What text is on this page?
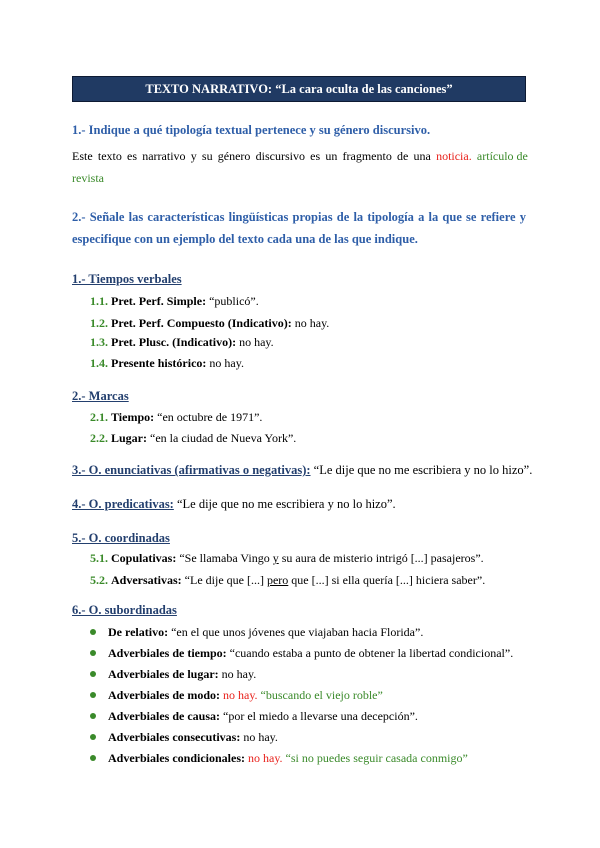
TEXTO NARRATIVO: “La cara oculta de las canciones”
1.- Indique a qué tipología textual pertenece y su género discursivo.
Este texto es narrativo y su género discursivo es un fragmento de una noticia. artículo de
revista
2.- Señale las características lingüísticas propias de la tipología a la que se refiere y especifique con un ejemplo del texto cada una de las que indique.
1.- Tiempos verbales
1.1. Pret. Perf. Simple: “publicó”.
1.2. Pret. Perf. Compuesto (Indicativo): no hay.
1.3. Pret. Plusc. (Indicativo): no hay.
1.4. Presente histórico: no hay.
2.- Marcas
2.1. Tiempo: “en octubre de 1971”.
2.2. Lugar: “en la ciudad de Nueva York”.
3.- O. enunciativas (afirmativas o negativas): “Le dije que no me escribiera y no lo hizo”.
4.- O. predicativas: “Le dije que no me escribiera y no lo hizo”.
5.- O. coordinadas
5.1. Copulativas: “Se llamaba Vingo y su aura de misterio intrigó [...] pasajeros”.
5.2. Adversativas: “Le dije que [...] pero que [...] si ella quería [...] hiciera saber”.
6.- O. subordinadas
De relativo: “en el que unos jóvenes que viajaban hacia Florida”.
Adverbiales de tiempo: “cuando estaba a punto de obtener la libertad condicional”.
Adverbiales de lugar: no hay.
Adverbiales de modo: no hay. “buscando el viejo roble”
Adverbiales de causa: “por el miedo a llevarse una decepción”.
Adverbiales consecutivas: no hay.
Adverbiales condicionales: no hay. “si no puedes seguir casada conmigo”
